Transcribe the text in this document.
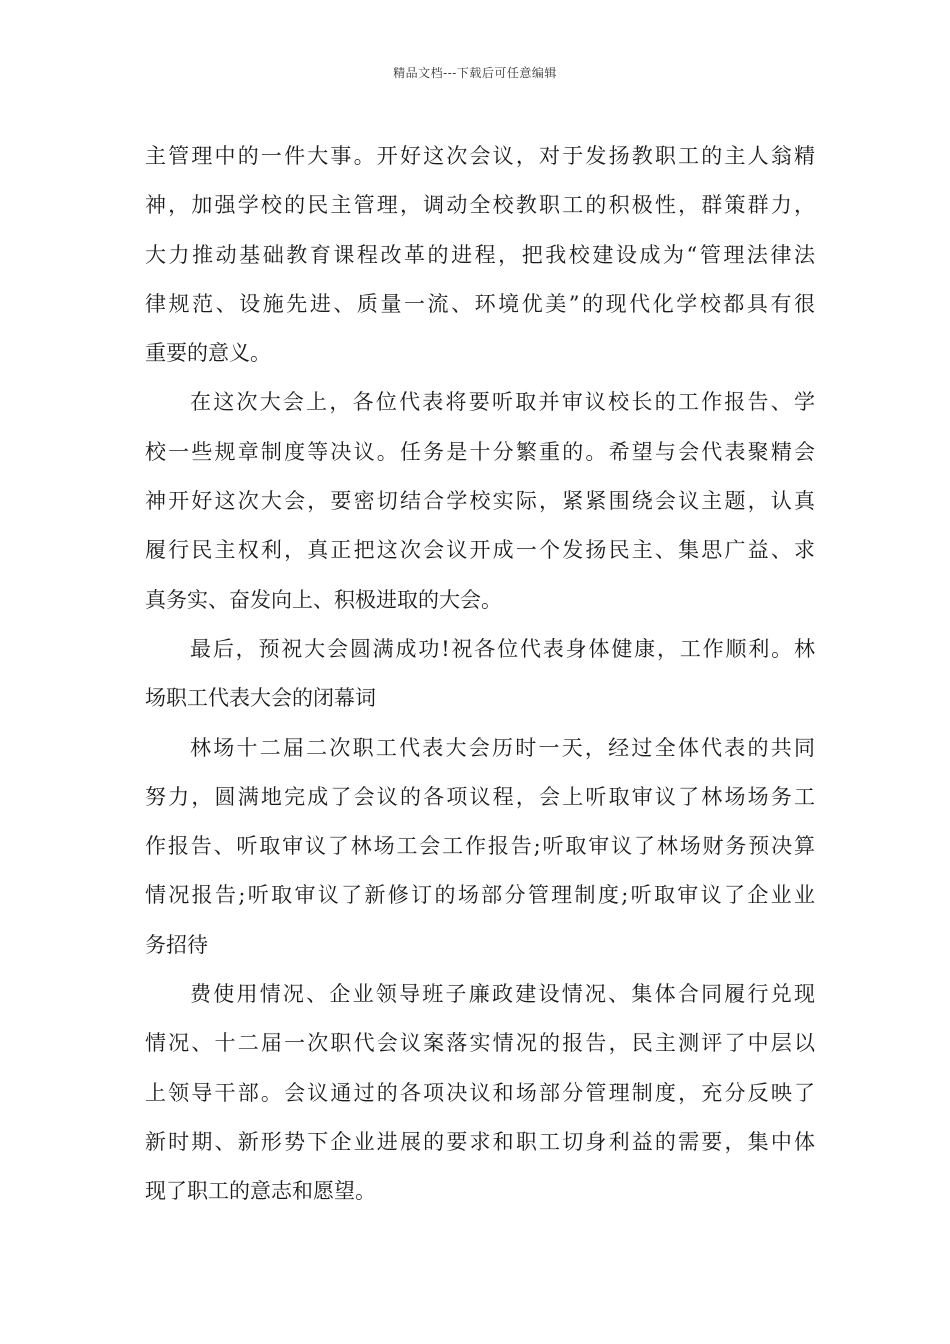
精品文档---下载后可任意编辑
主管理中的一件大事。开好这次会议，对于发扬教职工的主人翁精
神，加强学校的民主管理，调动全校教职工的积极性，群策群力，
大力推动基础教育课程改革的进程，把我校建设成为“管理法律法
律规范、设施先进、质量一流、环境优美”的现代化学校都具有很
重要的意义。
在这次大会上，各位代表将要听取并审议校长的工作报告、学
校一些规章制度等决议。任务是十分繁重的。希望与会代表聚精会
神开好这次大会，要密切结合学校实际，紧紧围绕会议主题，认真
履行民主权利，真正把这次会议开成一个发扬民主、集思广益、求
真务实、奋发向上、积极进取的大会。
最后，预祝大会圆满成功!祝各位代表身体健康，工作顺利。林
场职工代表大会的闭幕词
林场十二届二次职工代表大会历时一天，经过全体代表的共同
努力，圆满地完成了会议的各项议程，会上听取审议了林场场务工
作报告、听取审议了林场工会工作报告;听取审议了林场财务预决算
情况报告;听取审议了新修订的场部分管理制度;听取审议了企业业
务招待
费使用情况、企业领导班子廉政建设情况、集体合同履行兑现
情况、十二届一次职代会议案落实情况的报告，民主测评了中层以
上领导干部。会议通过的各项决议和场部分管理制度，充分反映了
新时期、新形势下企业进展的要求和职工切身利益的需要，集中体
现了职工的意志和愿望。
